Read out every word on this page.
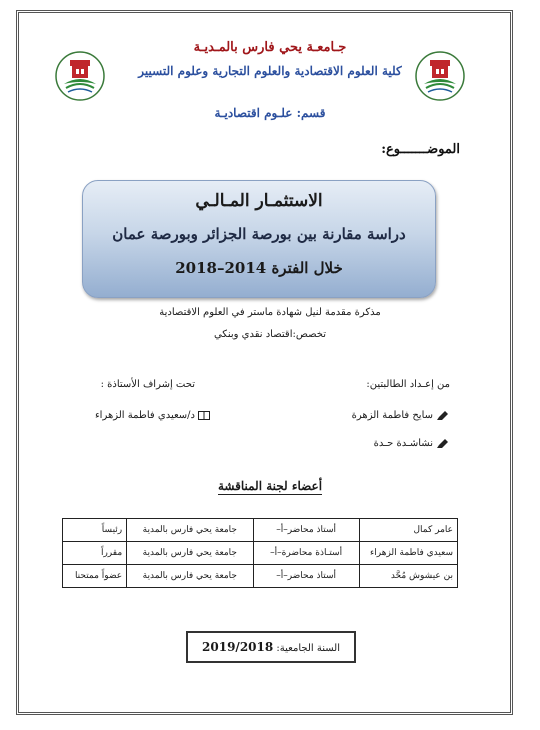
جـامعـة يحي فارس بالمـديـة
كلية العلوم الاقتصادية والعلوم التجارية وعلوم التسيير
قسم: علـوم اقتصاديـة
الموضـــــــوع:
الاستثمـار المـالـي
دراسة مقارنة بين بورصة الجزائر وبورصة عمان
خلال الفترة 2014–2018
مذكرة مقدمة لنيل شهادة ماستر في العلوم الاقتصادية
تخصص:اقتصاد نقدي وبنكي
من إعـداد الطالبتين:
تحت إشراف الأستاذة :
سايح فاطمة الزهرة
نشاشـدة حـدة
د/سعيدي فاطمة الزهراء
أعضاء لجنة المناقشة
عامر كمال	أستاذ محاضر–أ–	جامعة يحي فارس بالمدية	رئيساً
سعيدي فاطمة الزهراء	أستـاذة محاضرة–أ–	جامعة يحي فارس بالمدية	مقرراً
بن عيشوش مُحَّد	أستاذ محاضر–أ–	جامعة يحي فارس بالمدية	عضواً ممتحنا
السنة الجامعية: 2019/2018
